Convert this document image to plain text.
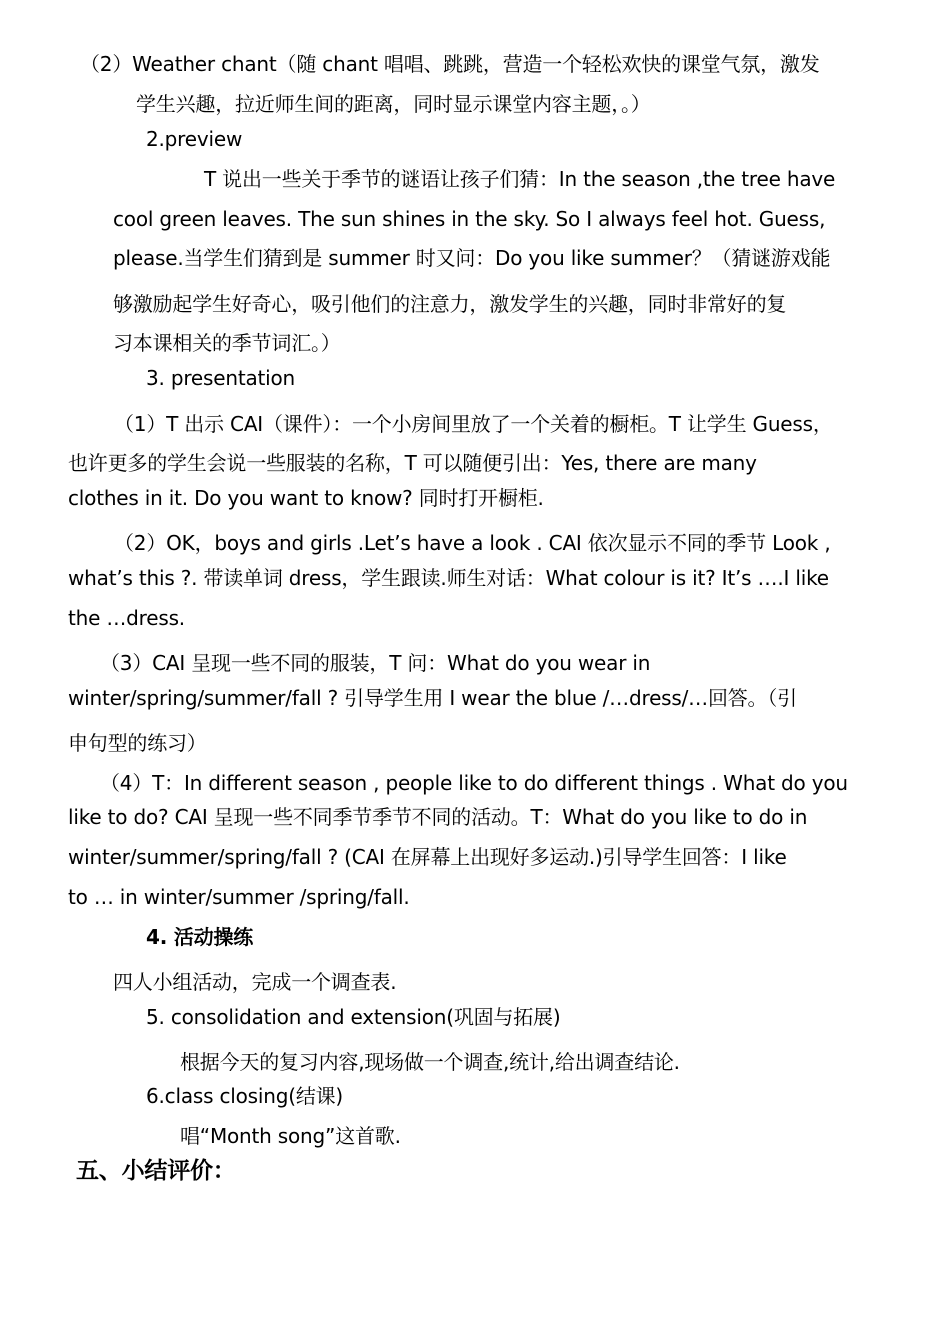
（2）Weather chant（随 chant 唱唱、跳跳，营造一个轻松欢快的课堂气氛，激发
学生兴趣，拉近师生间的距离，同时显示课堂内容主题，。）
2.preview
T 说出一些关于季节的谜语让孩子们猜：In the season ,the tree have
cool green leaves. The sun shines in the sky. So I always feel hot. Guess,
please.当学生们猜到是 summer 时又问：Do you like summer？（猜谜游戏能
够激励起学生好奇心，吸引他们的注意力，激发学生的兴趣，同时非常好的复
习本课相关的季节词汇。）
3. presentation
（1）T 出示 CAI（课件）：一个小房间里放了一个关着的橱柜。T 让学生 Guess，
也许更多的学生会说一些服装的名称，T 可以随便引出：Yes, there are many
clothes in it. Do you want to know? 同时打开橱柜.
（2）OK，boys and girls .Let’s have a look . CAI 依次显示不同的季节 Look ,
what’s this ?. 带读单词 dress，学生跟读.师生对话：What colour is it? It’s ….I like
the …dress.
（3）CAI 呈现一些不同的服装，T 问：What do you wear in
winter/spring/summer/fall ? 引导学生用 I wear the blue /…dress/…回答。（引
申句型的练习）
（4）T：In different season , people like to do different things . What do you
like to do? CAI 呈现一些不同季节季节不同的活动。T：What do you like to do in
winter/summer/spring/fall ? (CAI 在屏幕上出现好多运动.)引导学生回答：I like
to … in winter/summer /spring/fall.
4. 活动操练
四人小组活动，完成一个调查表.
5. consolidation and extension(巩固与拓展)
根据今天的复习内容,现场做一个调查,统计,给出调查结论.
6.class closing(结课)
唱“Month song”这首歌.
五、小结评价：
